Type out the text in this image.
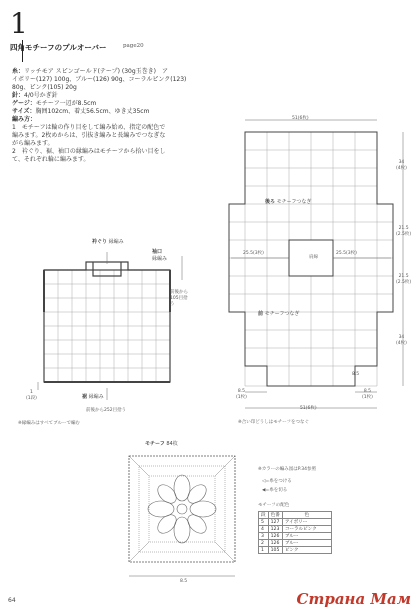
1
四角モチーフのプルオーバー	page20
糸：リッチモア スピンゴールド(テープ) (30g玉巻き)　ア
イボリー(127) 100g、ブルー(126) 90g、コーラルピンク(123)
80g、ピンク(105) 20g
針：4/0号かぎ針
ゲージ：モチーフ一辺が8.5cm
サイズ：胸囲102cm、着丈56.5cm、ゆき丈35cm
編み方：
1　モチーフは輪の作り目をして編み始め、指定の配色で
編みます。2枚めからは、引抜き編みと長編みでつなぎな
がら編みます。
2　衿ぐり、裾、袖口の縁編みはモチーフから拾い目をし
て、それぞれ輪に編みます。
衿ぐり 縁編み
袖口
縁編み
前後から105目拾う
裾 縁編み
1
(1段)
前後から252目拾う
※縁編みはすべてブルーで編む
51(6枚)
後ろ モチーフつなぎ
25.5(3枚)	25.5(3枚)
肩線
前 モチーフつなぎ
34
(4枚)
21.5
(2.5枚)
21.5
(2.5枚)
34
(4枚)
8.5
8.5
(1枚)
8.5
(1枚)
51(6枚)
※合い印どうしはモチーフをつなぐ
モチーフ 84枚
8.5
※カラーの編み図はP.34参照
◁=糸をつける
◀=糸を切る
モチーフの配色
段	色番	色
5	127	アイボリー
4	123	コーラルピンク
3	126	ブルー
2	126	ブルー
1	105	ピンク
64	Страна Мам
